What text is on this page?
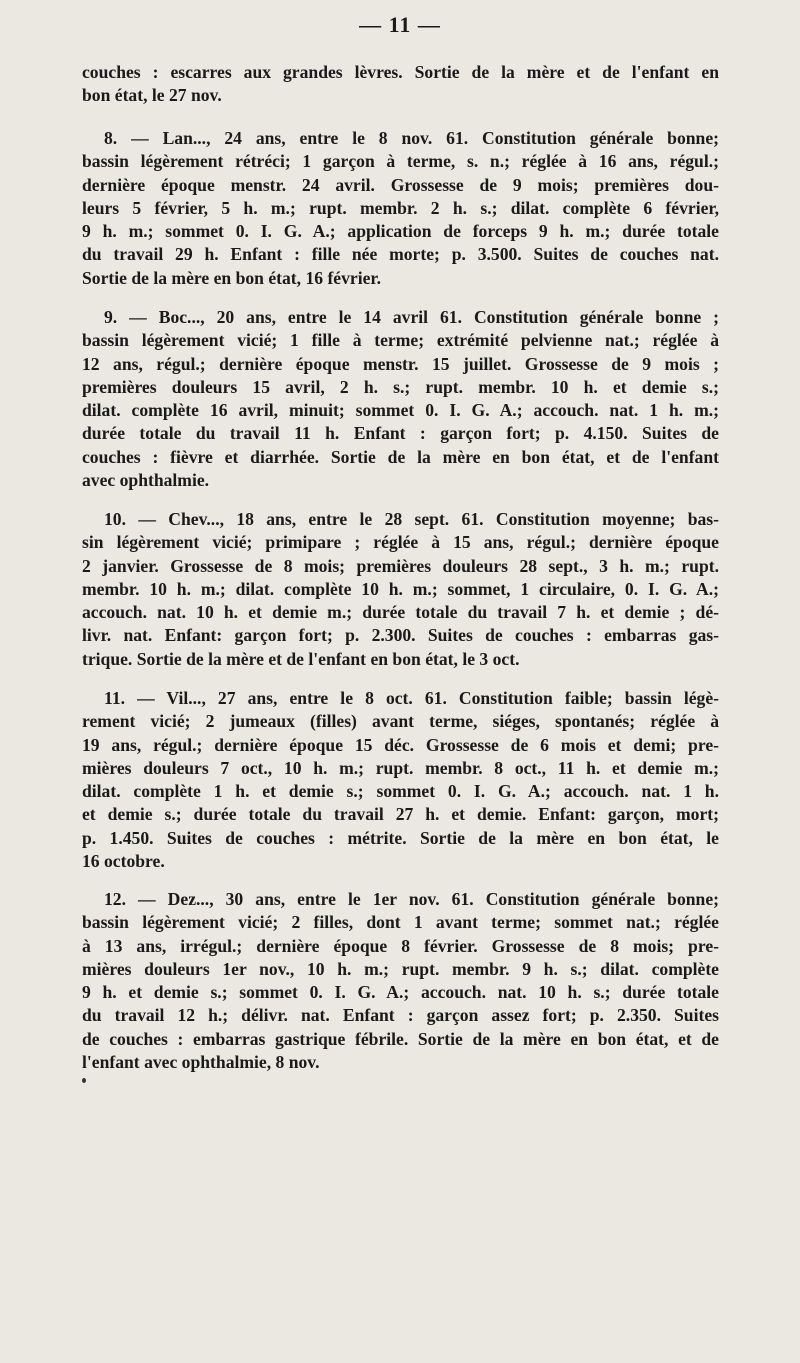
— 11 —
couches : escarres aux grandes lèvres. Sortie de la mère et de l'enfant en
bon état, le 27 nov.
8. — Lan..., 24 ans, entre le 8 nov. 61. Constitution générale bonne;
bassin légèrement rétréci; 1 garçon à terme, s. n.; réglée à 16 ans, régul.;
dernière époque menstr. 24 avril. Grossesse de 9 mois; premières dou-
leurs 5 février, 5 h. m.; rupt. membr. 2 h. s.; dilat. complète 6 février,
9 h. m.; sommet 0. I. G. A.; application de forceps 9 h. m.; durée totale
du travail 29 h. Enfant : fille née morte; p. 3.500. Suites de couches nat.
Sortie de la mère en bon état, 16 février.
9. — Boc..., 20 ans, entre le 14 avril 61. Constitution générale bonne ;
bassin légèrement vicié; 1 fille à terme; extrémité pelvienne nat.; réglée à
12 ans, régul.; dernière époque menstr. 15 juillet. Grossesse de 9 mois ;
premières douleurs 15 avril, 2 h. s.; rupt. membr. 10 h. et demie s.;
dilat. complète 16 avril, minuit; sommet 0. I. G. A.; accouch. nat. 1 h. m.;
durée totale du travail 11 h. Enfant : garçon fort; p. 4.150. Suites de
couches : fièvre et diarrhée. Sortie de la mère en bon état, et de l'enfant
avec ophthalmie.
10. — Chev..., 18 ans, entre le 28 sept. 61. Constitution moyenne; bas-
sin légèrement vicié; primipare ; réglée à 15 ans, régul.; dernière époque
2 janvier. Grossesse de 8 mois; premières douleurs 28 sept., 3 h. m.; rupt.
membr. 10 h. m.; dilat. complète 10 h. m.; sommet, 1 circulaire, 0. I. G. A.;
accouch. nat. 10 h. et demie m.; durée totale du travail 7 h. et demie ; dé-
livr. nat. Enfant: garçon fort; p. 2.300. Suites de couches : embarras gas-
trique. Sortie de la mère et de l'enfant en bon état, le 3 oct.
11. — Vil..., 27 ans, entre le 8 oct. 61. Constitution faible; bassin légè-
rement vicié; 2 jumeaux (filles) avant terme, siéges, spontanés; réglée à
19 ans, régul.; dernière époque 15 déc. Grossesse de 6 mois et demi; pre-
mières douleurs 7 oct., 10 h. m.; rupt. membr. 8 oct., 11 h. et demie m.;
dilat. complète 1 h. et demie s.; sommet 0. I. G. A.; accouch. nat. 1 h.
et demie s.; durée totale du travail 27 h. et demie. Enfant: garçon, mort;
p. 1.450. Suites de couches : métrite. Sortie de la mère en bon état, le
16 octobre.
12. — Dez..., 30 ans, entre le 1er nov. 61. Constitution générale bonne;
bassin légèrement vicié; 2 filles, dont 1 avant terme; sommet nat.; réglée
à 13 ans, irrégul.; dernière époque 8 février. Grossesse de 8 mois; pre-
mières douleurs 1er nov., 10 h. m.; rupt. membr. 9 h. s.; dilat. complète
9 h. et demie s.; sommet 0. I. G. A.; accouch. nat. 10 h. s.; durée totale
du travail 12 h.; délivr. nat. Enfant : garçon assez fort; p. 2.350. Suites
de couches : embarras gastrique fébrile. Sortie de la mère en bon état, et de
l'enfant avec ophthalmie, 8 nov.
